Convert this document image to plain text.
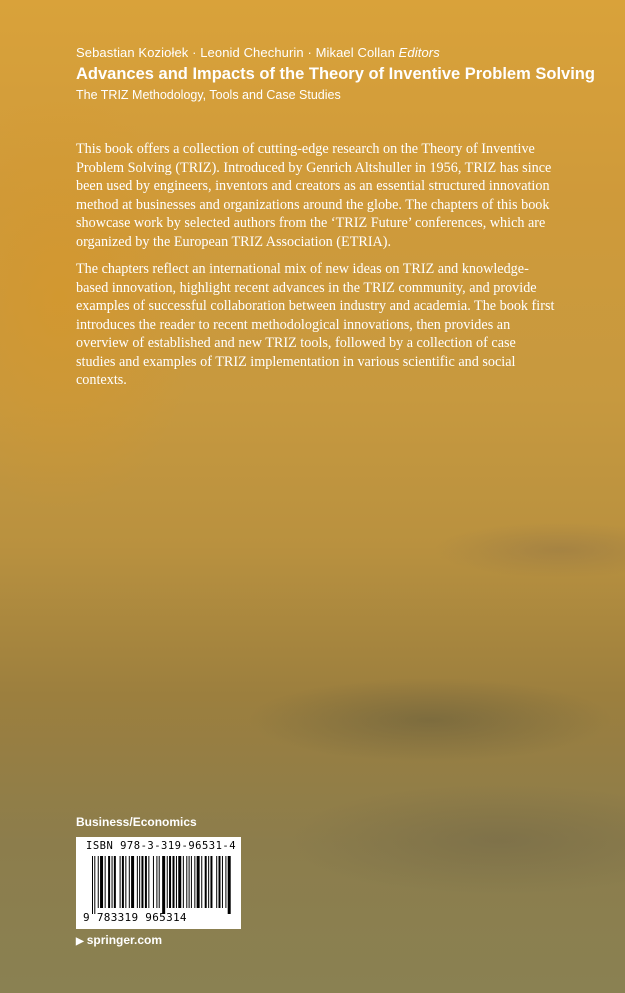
Sebastian Koziołek · Leonid Chechurin · Mikael Collan Editors
Advances and Impacts of the Theory of Inventive Problem Solving
The TRIZ Methodology, Tools and Case Studies

This book offers a collection of cutting-edge research on the Theory of Inventive Problem Solving (TRIZ). Introduced by Genrich Altshuller in 1956, TRIZ has since been used by engineers, inventors and creators as an essential structured innovation method at businesses and organizations around the globe. The chapters of this book showcase work by selected authors from the ‘TRIZ Future’ conferences, which are organized by the European TRIZ Association (ETRIA).

The chapters reflect an international mix of new ideas on TRIZ and knowledge-based innovation, highlight recent advances in the TRIZ community, and provide examples of successful collaboration between industry and academia. The book first introduces the reader to recent methodological innovations, then provides an overview of established and new TRIZ tools, followed by a collection of case studies and examples of TRIZ implementation in various scientific and social contexts.

Business/Economics
ISBN 978-3-319-96531-4
9 783319 965314
▶ springer.com
